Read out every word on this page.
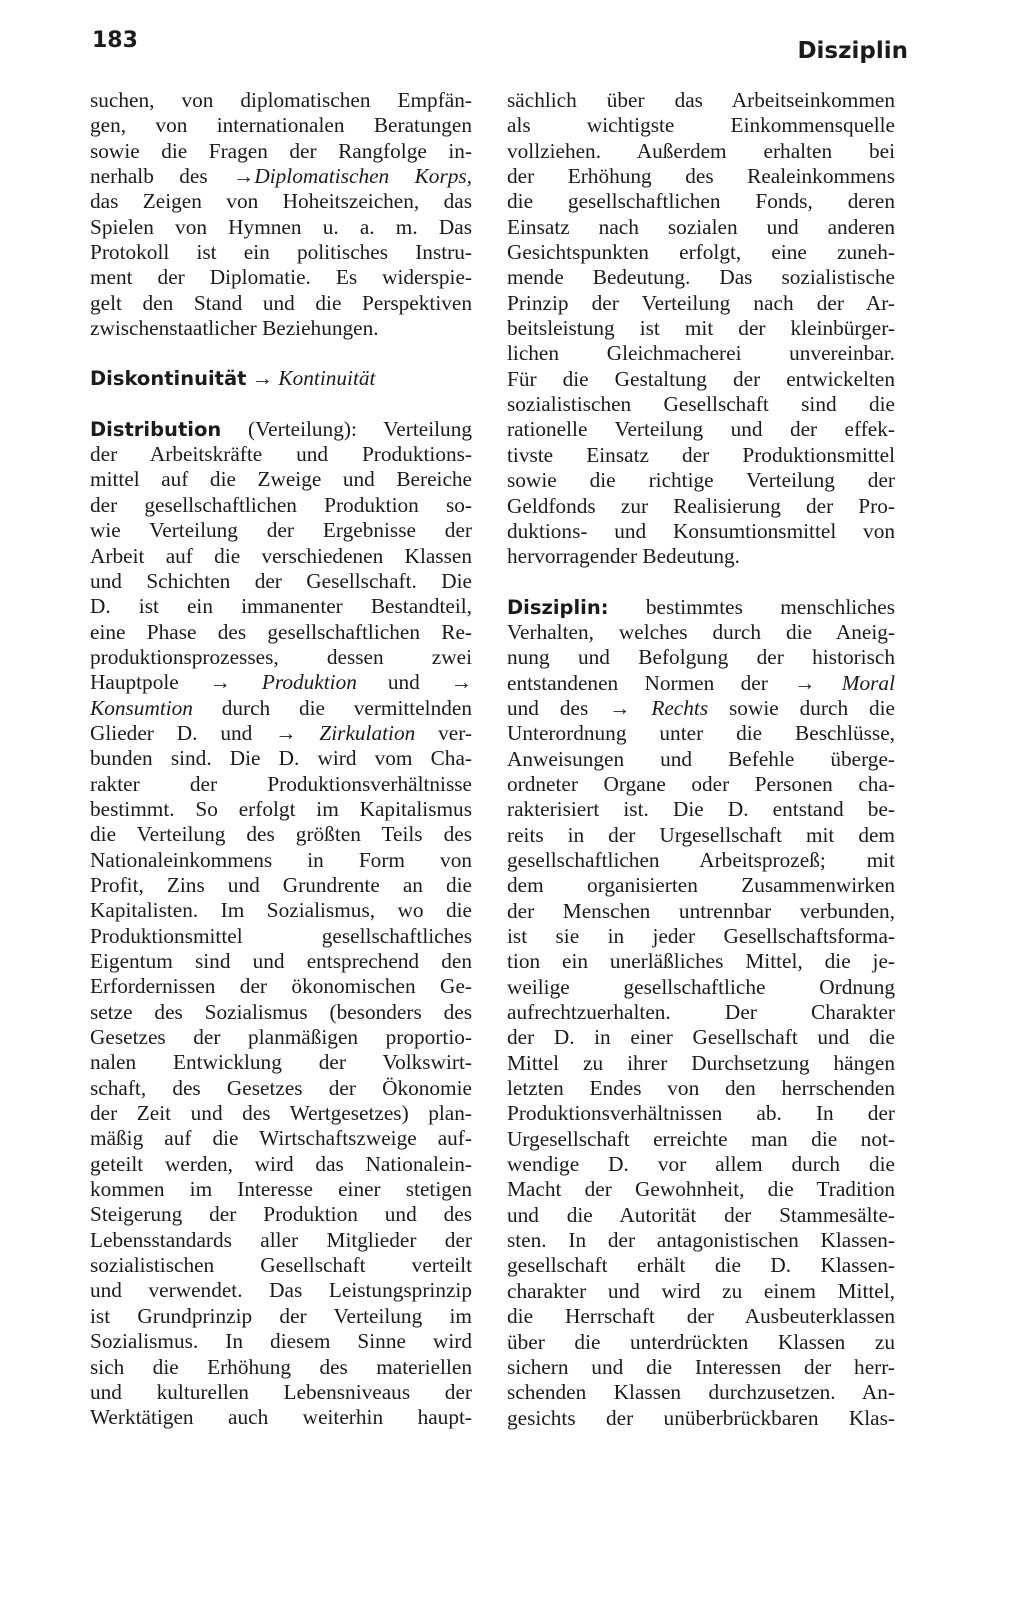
183	Disziplin
suchen, von diplomatischen Empfän-
gen, von internationalen Beratungen
sowie die Fragen der Rangfolge in-
nerhalb des →Diplomatischen Korps,
das Zeigen von Hoheitszeichen, das
Spielen von Hymnen u. a. m. Das
Protokoll ist ein politisches Instru-
ment der Diplomatie. Es widerspie-
gelt den Stand und die Perspektiven
zwischenstaatlicher Beziehungen.
Diskontinuität → Kontinuität
Distribution (Verteilung): Verteilung
der Arbeitskräfte und Produktions-
mittel auf die Zweige und Bereiche
der gesellschaftlichen Produktion so-
wie Verteilung der Ergebnisse der
Arbeit auf die verschiedenen Klassen
und Schichten der Gesellschaft. Die
D. ist ein immanenter Bestandteil,
eine Phase des gesellschaftlichen Re-
produktionsprozesses, dessen zwei
Hauptpole → Produktion und →
Konsumtion durch die vermittelnden
Glieder D. und → Zirkulation ver-
bunden sind. Die D. wird vom Cha-
rakter der Produktionsverhältnisse
bestimmt. So erfolgt im Kapitalismus
die Verteilung des größten Teils des
Nationaleinkommens in Form von
Profit, Zins und Grundrente an die
Kapitalisten. Im Sozialismus, wo die
Produktionsmittel gesellschaftliches
Eigentum sind und entsprechend den
Erfordernissen der ökonomischen Ge-
setze des Sozialismus (besonders des
Gesetzes der planmäßigen proportio-
nalen Entwicklung der Volkswirt-
schaft, des Gesetzes der Ökonomie
der Zeit und des Wertgesetzes) plan-
mäßig auf die Wirtschaftszweige auf-
geteilt werden, wird das Nationalein-
kommen im Interesse einer stetigen
Steigerung der Produktion und des
Lebensstandards aller Mitglieder der
sozialistischen Gesellschaft verteilt
und verwendet. Das Leistungsprinzip
ist Grundprinzip der Verteilung im
Sozialismus. In diesem Sinne wird
sich die Erhöhung des materiellen
und kulturellen Lebensniveaus der
Werktätigen auch weiterhin haupt-
sächlich über das Arbeitseinkommen
als wichtigste Einkommensquelle
vollziehen. Außerdem erhalten bei
der Erhöhung des Realeinkommens
die gesellschaftlichen Fonds, deren
Einsatz nach sozialen und anderen
Gesichtspunkten erfolgt, eine zuneh-
mende Bedeutung. Das sozialistische
Prinzip der Verteilung nach der Ar-
beitsleistung ist mit der kleinbürger-
lichen Gleichmacherei unvereinbar.
Für die Gestaltung der entwickelten
sozialistischen Gesellschaft sind die
rationelle Verteilung und der effek-
tivste Einsatz der Produktionsmittel
sowie die richtige Verteilung der
Geldfonds zur Realisierung der Pro-
duktions- und Konsumtionsmittel von
hervorragender Bedeutung.
Disziplin: bestimmtes menschliches
Verhalten, welches durch die Aneig-
nung und Befolgung der historisch
entstandenen Normen der → Moral
und des → Rechts sowie durch die
Unterordnung unter die Beschlüsse,
Anweisungen und Befehle überge-
ordneter Organe oder Personen cha-
rakterisiert ist. Die D. entstand be-
reits in der Urgesellschaft mit dem
gesellschaftlichen Arbeitsprozeß; mit
dem organisierten Zusammenwirken
der Menschen untrennbar verbunden,
ist sie in jeder Gesellschaftsforma-
tion ein unerläßliches Mittel, die je-
weilige gesellschaftliche Ordnung
aufrechtzuerhalten. Der Charakter
der D. in einer Gesellschaft und die
Mittel zu ihrer Durchsetzung hängen
letzten Endes von den herrschenden
Produktionsverhältnissen ab. In der
Urgesellschaft erreichte man die not-
wendige D. vor allem durch die
Macht der Gewohnheit, die Tradition
und die Autorität der Stammesälte-
sten. In der antagonistischen Klassen-
gesellschaft erhält die D. Klassen-
charakter und wird zu einem Mittel,
die Herrschaft der Ausbeuterklassen
über die unterdrückten Klassen zu
sichern und die Interessen der herr-
schenden Klassen durchzusetzen. An-
gesichts der unüberbrückbaren Klas-
